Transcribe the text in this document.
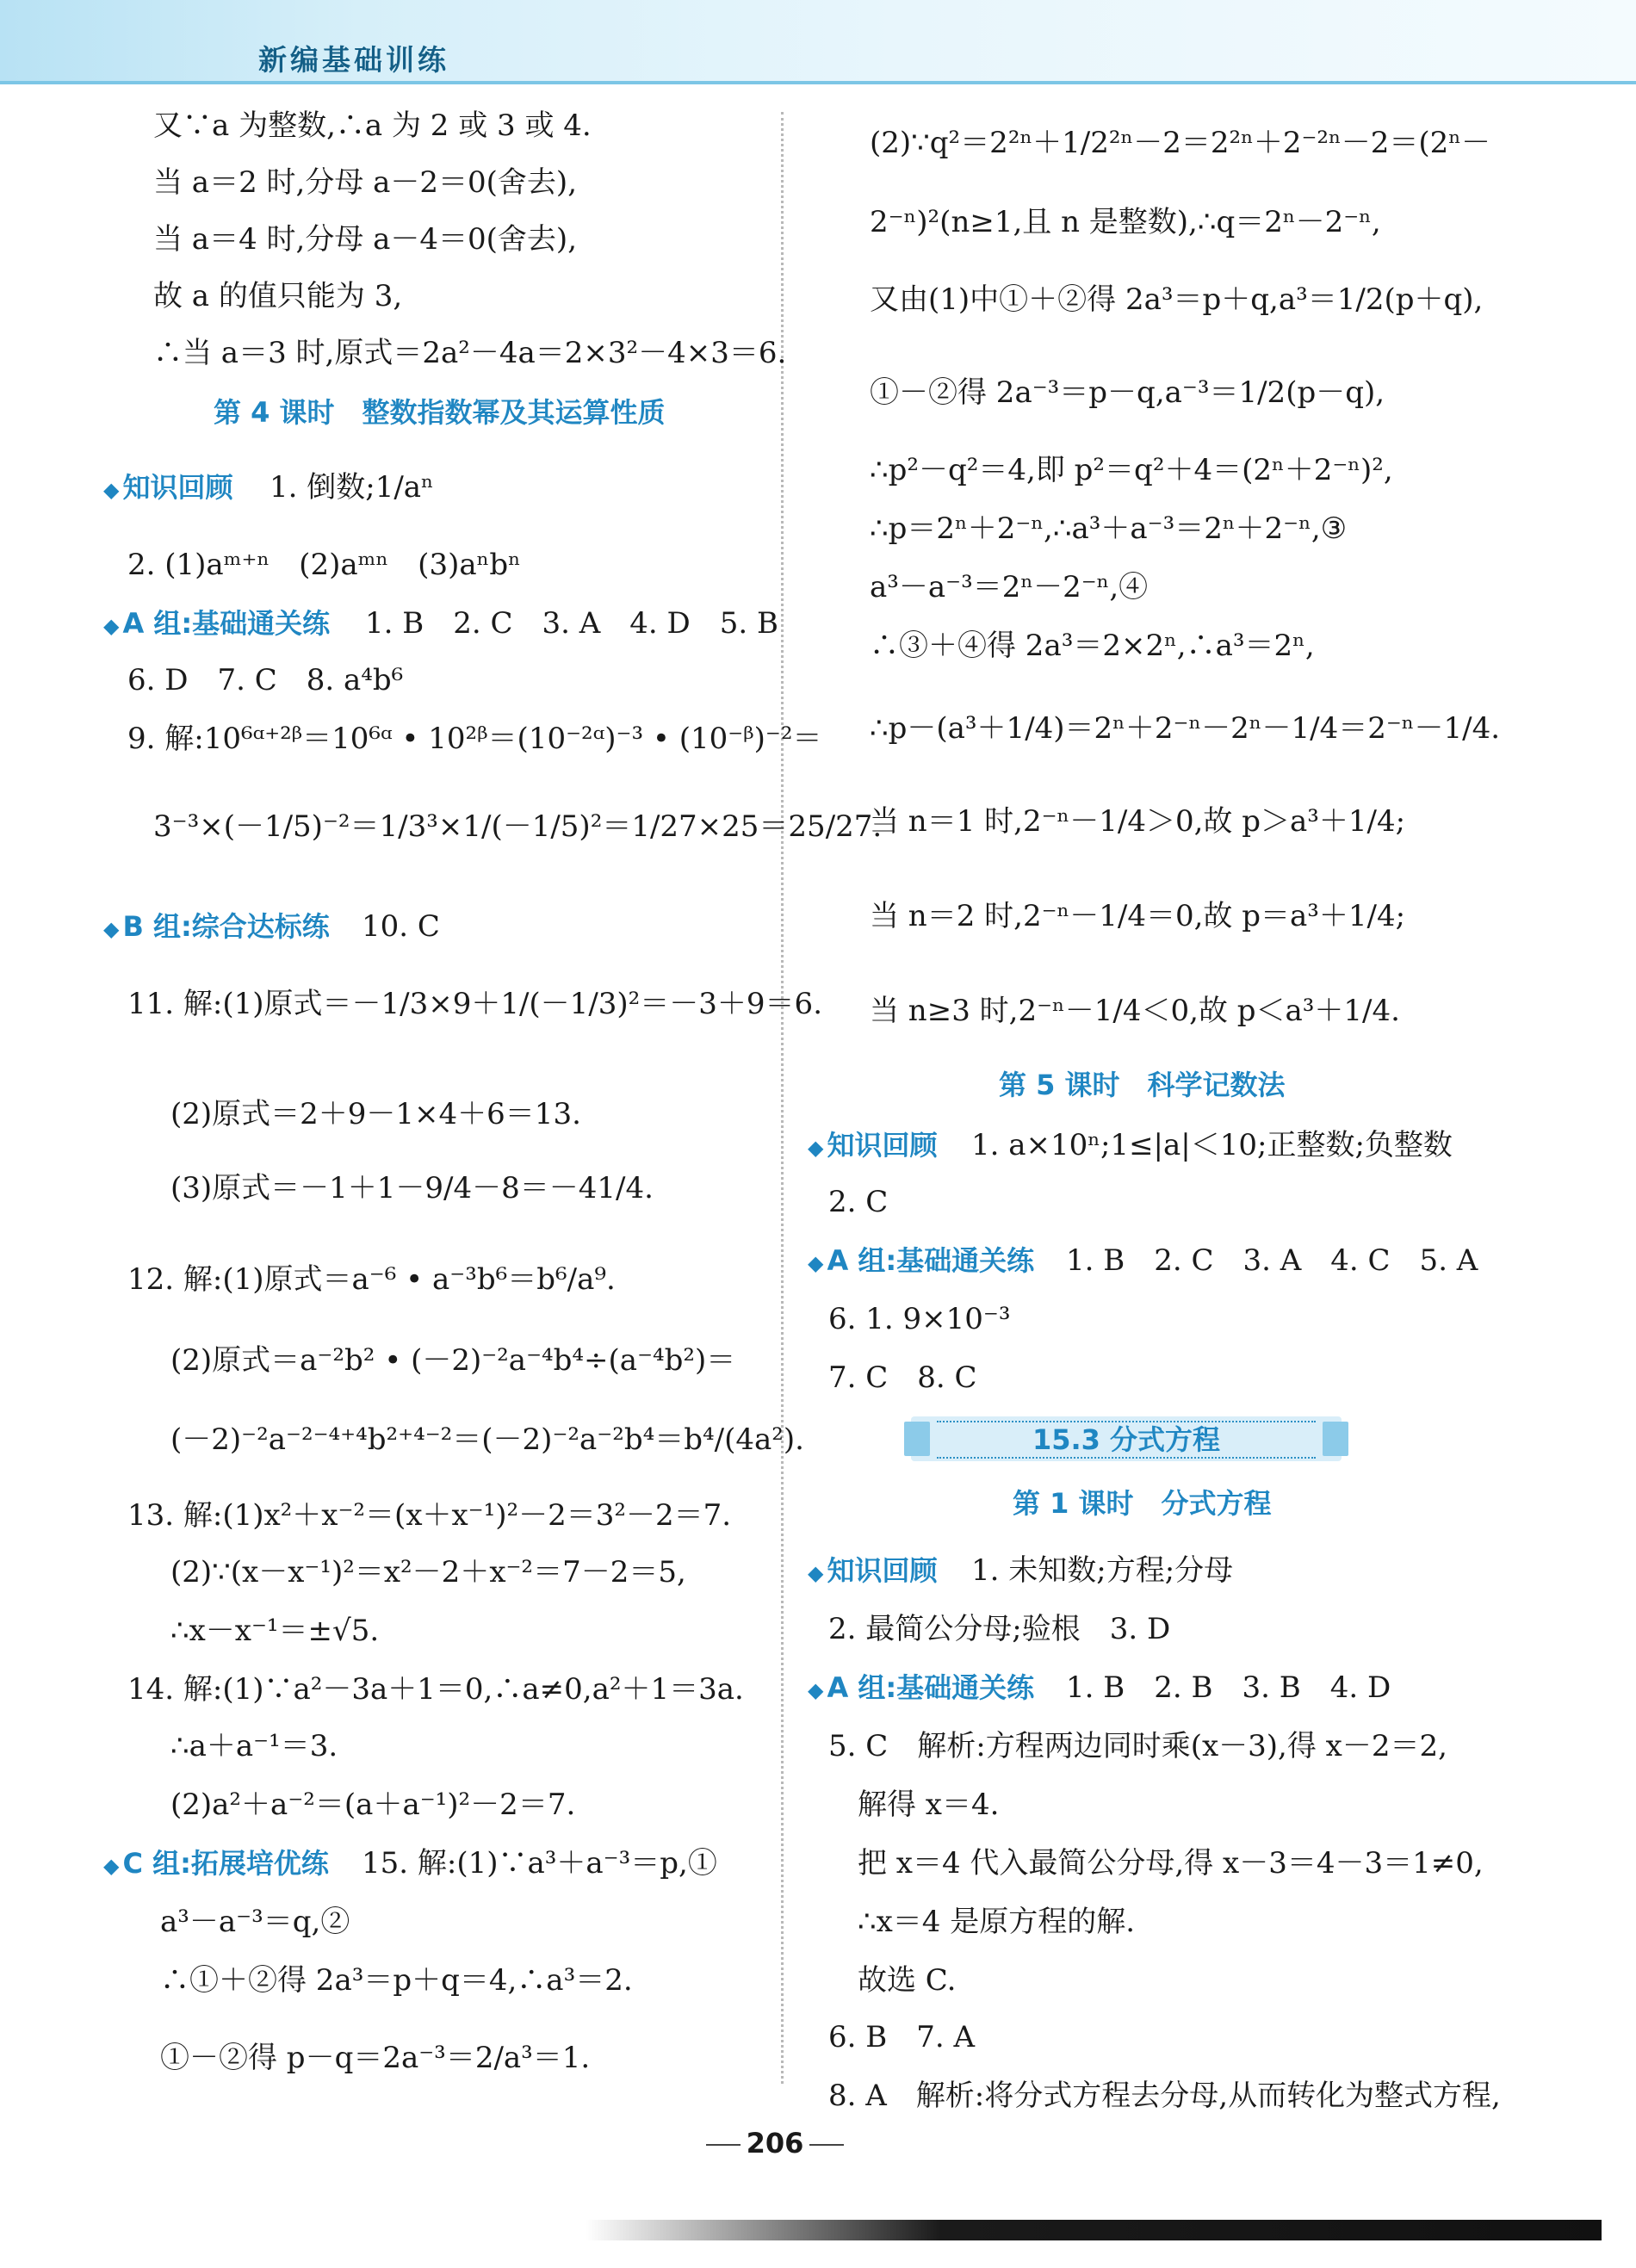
新编基础训练
又∵a 为整数,∴a 为 2 或 3 或 4.
当 a＝2 时,分母 a－2＝0(舍去),
当 a＝4 时,分母 a－4＝0(舍去),
故 a 的值只能为 3,
∴当 a＝3 时,原式＝2a²－4a＝2×3²－4×3＝6.
第 4 课时　整数指数幂及其运算性质
◆ 知识回顾 1. 倒数;1/aⁿ
2. (1)aᵐ⁺ⁿ　(2)aᵐⁿ　(3)aⁿbⁿ
◆ A 组:基础通关练 1. B　2. C　3. A　4. D　5. B
6. D　7. C　8. a⁴b⁶
9. 解:10⁶ᵅ⁺²ᵝ＝10⁶ᵅ • 10²ᵝ＝(10⁻²ᵅ)⁻³ • (10⁻ᵝ)⁻²＝
3⁻³×(－1/5)⁻²＝1/3³×1/(－1/5)²＝1/27×25＝25/27.
◆ B 组:综合达标练 10. C
11. 解:(1)原式＝－1/3×9＋1/(－1/3)²＝－3＋9＝6.
(2)原式＝2＋9－1×4＋6＝13.
(3)原式＝－1＋1－9/4－8＝－41/4.
12. 解:(1)原式＝a⁻⁶ • a⁻³b⁶＝b⁶/a⁹.
(2)原式＝a⁻²b² • (－2)⁻²a⁻⁴b⁴÷(a⁻⁴b²)＝
(－2)⁻²a⁻²⁻⁴⁺⁴b²⁺⁴⁻²＝(－2)⁻²a⁻²b⁴＝b⁴/(4a²).
13. 解:(1)x²＋x⁻²＝(x＋x⁻¹)²－2＝3²－2＝7.
(2)∵(x－x⁻¹)²＝x²－2＋x⁻²＝7－2＝5,
∴x－x⁻¹＝±√5.
14. 解:(1)∵a²－3a＋1＝0,∴a≠0,a²＋1＝3a.
∴a＋a⁻¹＝3.
(2)a²＋a⁻²＝(a＋a⁻¹)²－2＝7.
◆ C 组:拓展培优练 15. 解:(1)∵a³＋a⁻³＝p,①
a³－a⁻³＝q,②
∴①＋②得 2a³＝p＋q＝4,∴a³＝2.
①－②得 p－q＝2a⁻³＝2/a³＝1.
(2)∵q²＝2²ⁿ＋1/2²ⁿ－2＝2²ⁿ＋2⁻²ⁿ－2＝(2ⁿ－
2⁻ⁿ)²(n≥1,且 n 是整数),∴q＝2ⁿ－2⁻ⁿ,
又由(1)中①＋②得 2a³＝p＋q,a³＝1/2(p＋q),
①－②得 2a⁻³＝p－q,a⁻³＝1/2(p－q),
∴p²－q²＝4,即 p²＝q²＋4＝(2ⁿ＋2⁻ⁿ)²,
∴p＝2ⁿ＋2⁻ⁿ,∴a³＋a⁻³＝2ⁿ＋2⁻ⁿ,③
a³－a⁻³＝2ⁿ－2⁻ⁿ,④
∴③＋④得 2a³＝2×2ⁿ,∴a³＝2ⁿ,
∴p－(a³＋1/4)＝2ⁿ＋2⁻ⁿ－2ⁿ－1/4＝2⁻ⁿ－1/4.
当 n＝1 时,2⁻ⁿ－1/4＞0,故 p＞a³＋1/4;
当 n＝2 时,2⁻ⁿ－1/4＝0,故 p＝a³＋1/4;
当 n≥3 时,2⁻ⁿ－1/4＜0,故 p＜a³＋1/4.
第 5 课时　科学记数法
◆ 知识回顾 1. a×10ⁿ;1≤|a|＜10;正整数;负整数
2. C
◆ A 组:基础通关练 1. B　2. C　3. A　4. C　5. A
6. 1. 9×10⁻³
7. C　8. C
15.3 分式方程
第 1 课时　分式方程
◆ 知识回顾 1. 未知数;方程;分母
2. 最简公分母;验根　3. D
◆ A 组:基础通关练 1. B　2. B　3. B　4. D
5. C　解析:方程两边同时乘(x－3),得 x－2＝2,
解得 x＝4.
把 x＝4 代入最简公分母,得 x－3＝4－3＝1≠0,
∴x＝4 是原方程的解.
故选 C.
6. B　7. A
8. A　解析:将分式方程去分母,从而转化为整式方程,
206
